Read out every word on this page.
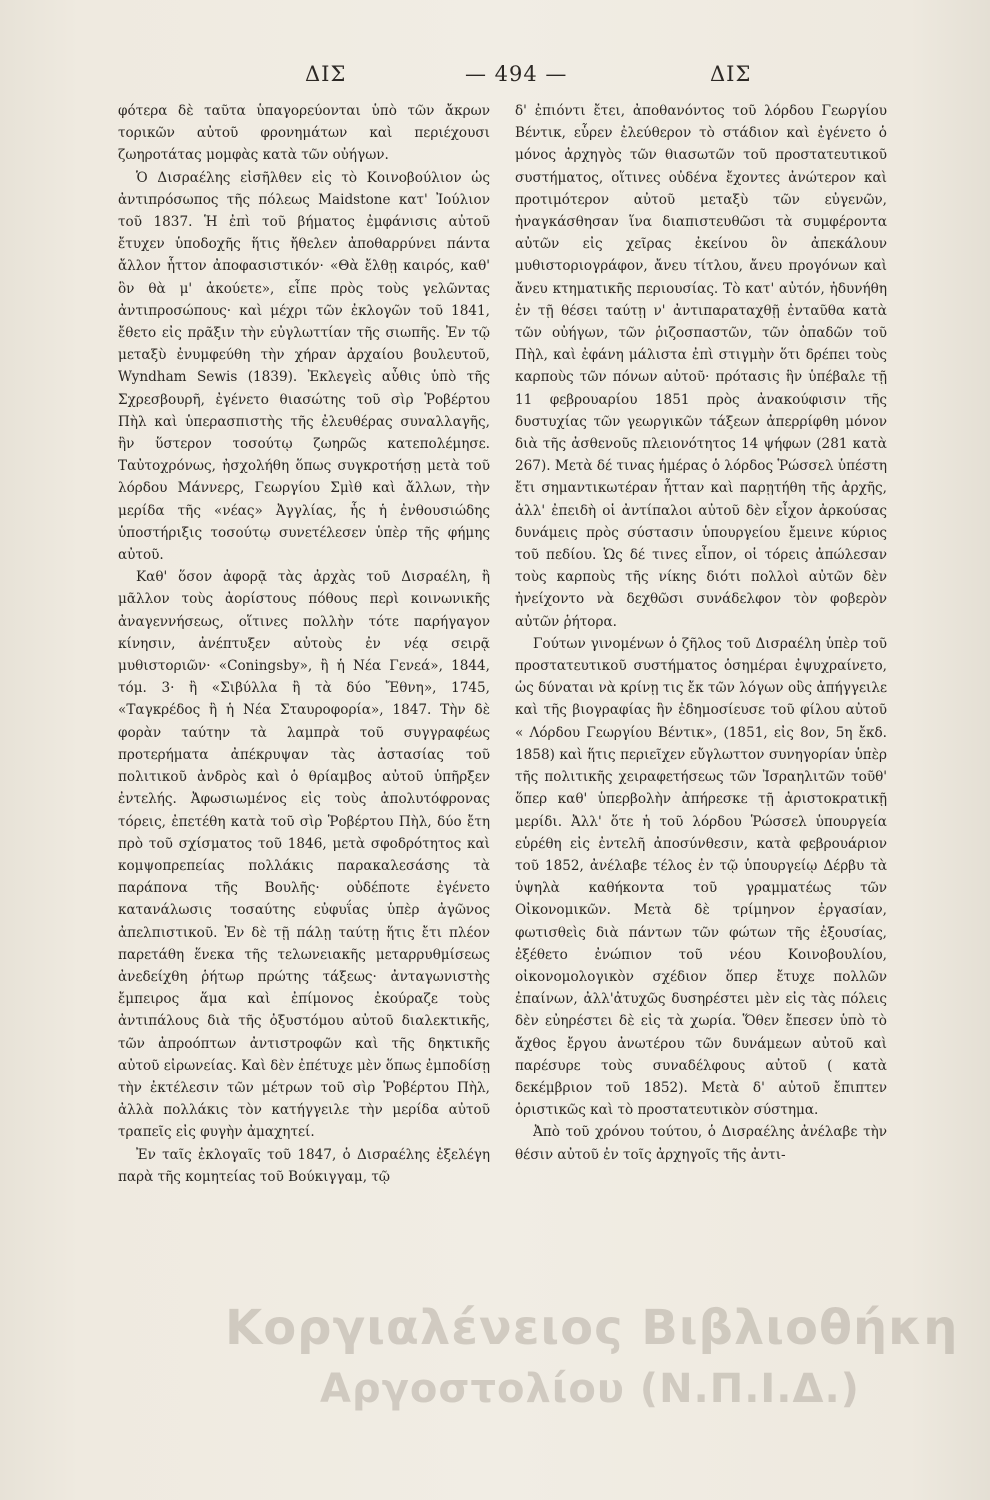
ΔΙΣ	— 494 —	ΔΙΣ

φότερα δὲ ταῦτα ὑπαγορεύονται ὑπὸ τῶν ἄκρων τορικῶν αὐτοῦ φρονημάτων καὶ περιέχουσι ζωηροτάτας μομφὰς κατὰ τῶν οὐήγων.

Ὁ Δισραέλης εἰσῆλθεν εἰς τὸ Κοινοβούλιον ὡς ἀντιπρόσωπος τῆς πόλεως Maidstone κατ' Ἰούλιον τοῦ 1837. Ἡ ἐπὶ τοῦ βήματος ἐμφάνισις αὐτοῦ ἔτυχεν ὑποδοχῆς ἥτις ἤθελεν ἀποθαρρύνει πάντα ἄλλον ἧττον ἀποφασιστικόν· «Θὰ ἔλθῃ καιρός, καθ' ὃν θὰ μ' ἀκούετε», εἶπε πρὸς τοὺς γελῶντας ἀντιπροσώπους· καὶ μέχρι τῶν ἐκλογῶν τοῦ 1841, ἔθετο εἰς πρᾶξιν τὴν εὐγλωττίαν τῆς σιωπῆς. Ἐν τῷ μεταξὺ ἐνυμφεύθη τὴν χήραν ἀρχαίου βουλευτοῦ, Wyndham Sewis (1839). Ἐκλεγεὶς αὖθις ὑπὸ τῆς Σχρεσβουρῆ, ἐγένετο θιασώτης τοῦ σὶρ Ῥοβέρτου Πὴλ καὶ ὑπερασπιστὴς τῆς ἐλευθέρας συναλλαγῆς, ἣν ὕστερον τοσούτῳ ζωηρῶς κατεπολέμησε. Ταὐτοχρόνως, ἠσχολήθη ὅπως συγκροτήσῃ μετὰ τοῦ λόρδου Μάννερς, Γεωργίου Σμὶθ καὶ ἄλλων, τὴν μερίδα τῆς «νέας» Ἀγγλίας, ἧς ἡ ἐνθουσιώδης ὑποστήριξις τοσούτῳ συνετέλεσεν ὑπὲρ τῆς φήμης αὐτοῦ.

Καθ' ὅσον ἀφορᾷ τὰς ἀρχὰς τοῦ Δισραέλη, ἢ μᾶλλον τοὺς ἀορίστους πόθους περὶ κοινωνικῆς ἀναγεννήσεως, οἵτινες πολλὴν τότε παρήγαγον κίνησιν, ἀνέπτυξεν αὐτοὺς ἐν νέᾳ σειρᾷ μυθιστοριῶν· «Coningsby», ἢ ἡ Νέα Γενεά», 1844, τόμ. 3· ἢ «Σιβύλλα ἢ τὰ δύο Ἔθνη», 1745, «Ταγκρέδος ἢ ἡ Νέα Σταυροφορία», 1847. Τὴν δὲ φορὰν ταύτην τὰ λαμπρὰ τοῦ συγγραφέως προτερήματα ἀπέκρυψαν τὰς ἀστασίας τοῦ πολιτικοῦ ἀνδρὸς καὶ ὁ θρίαμβος αὐτοῦ ὑπῆρξεν ἐντελής. Ἀφωσιωμένος εἰς τοὺς ἀπολυτόφρονας τόρεις, ἐπετέθη κατὰ τοῦ σὶρ Ῥοβέρτου Πὴλ, δύο ἔτη πρὸ τοῦ σχίσματος τοῦ 1846, μετὰ σφοδρότητος καὶ κομψοπρεπείας πολλάκις παρακαλεσάσης τὰ παράπονα τῆς Βουλῆς· οὐδέποτε ἐγένετο κατανάλωσις τοσαύτης εὐφυΐας ὑπὲρ ἀγῶνος ἀπελπιστικοῦ. Ἐν δὲ τῇ πάλῃ ταύτῃ ἥτις ἔτι πλέον παρετάθη ἕνεκα τῆς τελωνειακῆς μεταρρυθμίσεως ἀνεδείχθη ῥήτωρ πρώτης τάξεως· ἀνταγωνιστὴς ἔμπειρος ἅμα καὶ ἐπίμονος ἐκούραζε τοὺς ἀντιπάλους διὰ τῆς ὀξυστόμου αὐτοῦ διαλεκτικῆς, τῶν ἀπροόπτων ἀντιστροφῶν καὶ τῆς δηκτικῆς αὐτοῦ εἰρωνείας. Καὶ δὲν ἐπέτυχε μὲν ὅπως ἐμποδίσῃ τὴν ἐκτέλεσιν τῶν μέτρων τοῦ σὶρ Ῥοβέρτου Πὴλ, ἀλλὰ πολλάκις τὸν κατήγγειλε τὴν μερίδα αὐτοῦ τραπεῖς εἰς φυγὴν ἀμαχητεί.

Ἐν ταῖς ἐκλογαῖς τοῦ 1847, ὁ Δισραέλης ἐξελέγη παρὰ τῆς κομητείας τοῦ Βούκιγγαμ, τῷ

δ' ἐπιόντι ἔτει, ἀποθανόντος τοῦ λόρδου Γεωργίου Βέντικ, εὗρεν ἐλεύθερον τὸ στάδιον καὶ ἐγένετο ὁ μόνος ἀρχηγὸς τῶν θιασωτῶν τοῦ προστατευτικοῦ συστήματος, οἵτινες οὐδένα ἔχοντες ἀνώτερον καὶ προτιμότερον αὐτοῦ μεταξὺ τῶν εὐγενῶν, ἠναγκάσθησαν ἵνα διαπιστευθῶσι τὰ συμφέροντα αὐτῶν εἰς χεῖρας ἐκείνου ὃν ἀπεκάλουν μυθιστοριογράφον, ἄνευ τίτλου, ἄνευ προγόνων καὶ ἄνευ κτηματικῆς περιουσίας. Τὸ κατ' αὐτόν, ἠδυνήθη ἐν τῇ θέσει ταύτῃ ν' ἀντιπαραταχθῇ ἐνταῦθα κατὰ τῶν οὐήγων, τῶν ῥιζοσπαστῶν, τῶν ὀπαδῶν τοῦ Πὴλ, καὶ ἐφάνη μάλιστα ἐπὶ στιγμὴν ὅτι δρέπει τοὺς καρποὺς τῶν πόνων αὐτοῦ· πρότασις ἣν ὑπέβαλε τῇ 11 φεβρουαρίου 1851 πρὸς ἀνακούφισιν τῆς δυστυχίας τῶν γεωργικῶν τάξεων ἀπερρίφθη μόνον διὰ τῆς ἀσθενοῦς πλειονότητος 14 ψήφων (281 κατὰ 267). Μετὰ δέ τινας ἡμέρας ὁ λόρδος Ῥώσσελ ὑπέστη ἔτι σημαντικωτέραν ἧτταν καὶ παρῃτήθη τῆς ἀρχῆς, ἀλλ' ἐπειδὴ οἱ ἀντίπαλοι αὐτοῦ δὲν εἶχον ἀρκούσας δυνάμεις πρὸς σύστασιν ὑπουργείου ἔμεινε κύριος τοῦ πεδίου. Ὡς δέ τινες εἶπον, οἱ τόρεις ἀπώλεσαν τοὺς καρποὺς τῆς νίκης διότι πολλοὶ αὐτῶν δὲν ἠνείχοντο νὰ δεχθῶσι συνάδελφον τὸν φοβερὸν αὐτῶν ῥήτορα.

Γούτων γινομένων ὁ ζῆλος τοῦ Δισραέλη ὑπὲρ τοῦ προστατευτικοῦ συστήματος ὁσημέραι ἐψυχραίνετο, ὡς δύναται νὰ κρίνῃ τις ἔκ τῶν λόγων οὓς ἀπήγγειλε καὶ τῆς βιογραφίας ἣν ἐδημοσίευσε τοῦ φίλου αὐτοῦ « Λόρδου Γεωργίου Βέντικ», (1851, εἰς 8ον, 5η ἔκδ. 1858) καὶ ἥτις περιεῖχεν εὔγλωττον συνηγορίαν ὑπὲρ τῆς πολιτικῆς χειραφετήσεως τῶν Ἰσραηλιτῶν τοῦθ' ὅπερ καθ' ὑπερβολὴν ἀπήρεσκε τῇ ἀριστοκρατικῇ μερίδι. Ἀλλ' ὅτε ἡ τοῦ λόρδου Ῥώσσελ ὑπουργεία εὑρέθη εἰς ἐντελῆ ἀποσύνθεσιν, κατὰ φεβρουάριον τοῦ 1852, ἀνέλαβε τέλος ἐν τῷ ὑπουργείῳ Δέρβυ τὰ ὑψηλὰ καθήκοντα τοῦ γραμματέως τῶν Οἰκονομικῶν. Μετὰ δὲ τρίμηνον ἐργασίαν, φωτισθεὶς διὰ πάντων τῶν φώτων τῆς ἐξουσίας, ἐξέθετο ἐνώπιον τοῦ νέου Κοινοβουλίου, οἰκονομολογικὸν σχέδιον ὅπερ ἔτυχε πολλῶν ἐπαίνων, ἀλλ'ἀτυχῶς δυσηρέστει μὲν εἰς τὰς πόλεις δὲν εὐηρέστει δὲ εἰς τὰ χωρία. Ὅθεν ἔπεσεν ὑπὸ τὸ ἄχθος ἔργου ἀνωτέρου τῶν δυνάμεων αὐτοῦ καὶ παρέσυρε τοὺς συναδέλφους αὐτοῦ ( κατὰ δεκέμβριον τοῦ 1852). Μετὰ δ' αὐτοῦ ἔπιπτεν ὁριστικῶς καὶ τὸ προστατευτικὸν σύστημα.

Ἀπὸ τοῦ χρόνου τούτου, ὁ Δισραέλης ἀνέλαβε τὴν θέσιν αὐτοῦ ἐν τοῖς ἀρχηγοῖς τῆς ἀντι-

Κοργιαλένειος Βιβλιοθήκη
Αργοστολίου (Ν.Π.Ι.Δ.)
